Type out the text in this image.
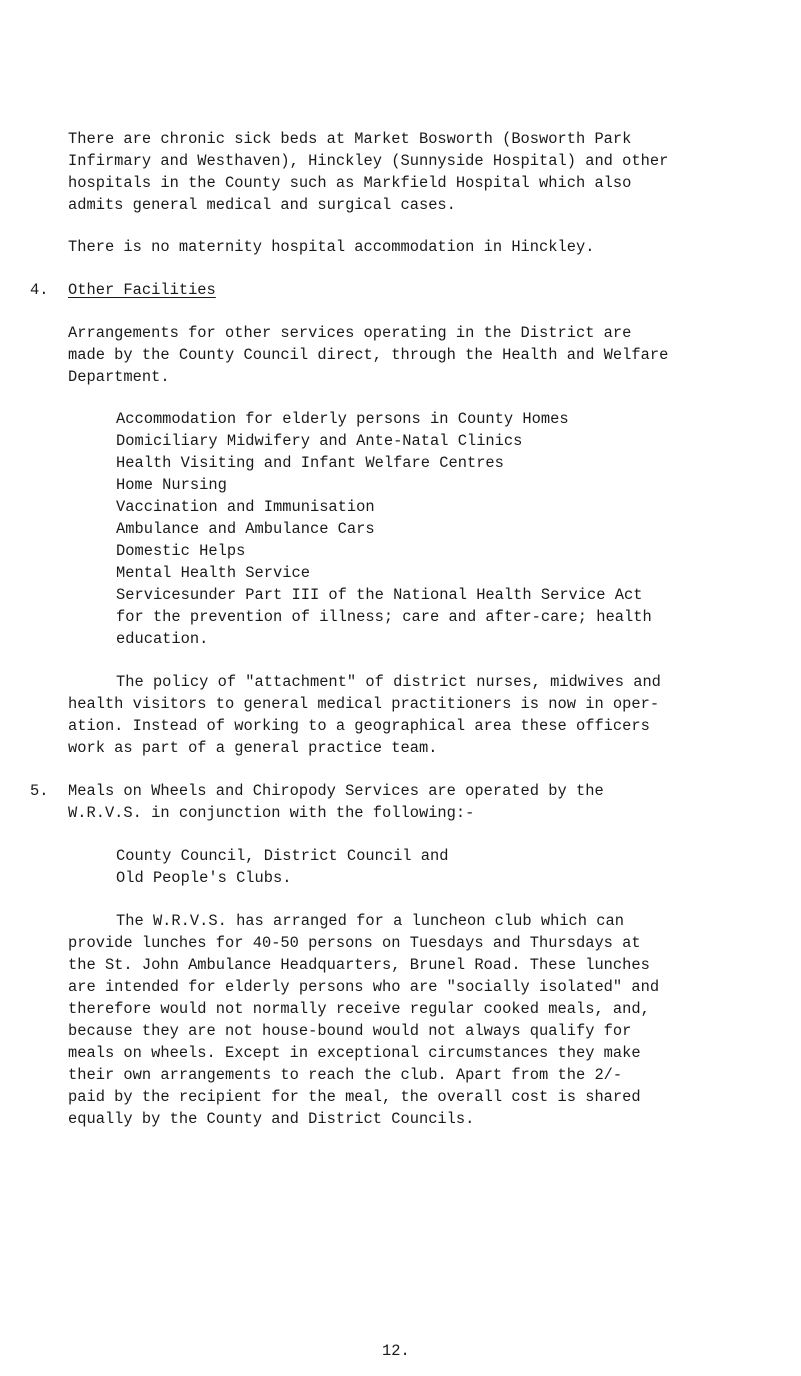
There are chronic sick beds at Market Bosworth (Bosworth Park
Infirmary and Westhaven), Hinckley (Sunnyside Hospital) and other
hospitals in the County such as Markfield Hospital which also
admits general medical and surgical cases.
There is no maternity hospital accommodation in Hinckley.
4. Other Facilities
Arrangements for other services operating in the District are
made by the County Council direct, through the Health and Welfare
Department.
Accommodation for elderly persons in County Homes
Domiciliary Midwifery and Ante-Natal Clinics
Health Visiting and Infant Welfare Centres
Home Nursing
Vaccination and Immunisation
Ambulance and Ambulance Cars
Domestic Helps
Mental Health Service
Servicesunder Part III of the National Health Service Act
for the prevention of illness; care and after-care; health
education.
The policy of "attachment" of district nurses, midwives and
health visitors to general medical practitioners is now in oper-
ation. Instead of working to a geographical area these officers
work as part of a general practice team.
5. Meals on Wheels and Chiropody Services are operated by the
W.R.V.S. in conjunction with the following:-
County Council, District Council and
Old People's Clubs.
The W.R.V.S. has arranged for a luncheon club which can
provide lunches for 40-50 persons on Tuesdays and Thursdays at
the St. John Ambulance Headquarters, Brunel Road. These lunches
are intended for elderly persons who are "socially isolated" and
therefore would not normally receive regular cooked meals, and,
because they are not house-bound would not always qualify for
meals on wheels. Except in exceptional circumstances they make
their own arrangements to reach the club. Apart from the 2/-
paid by the recipient for the meal, the overall cost is shared
equally by the County and District Councils.
12.
